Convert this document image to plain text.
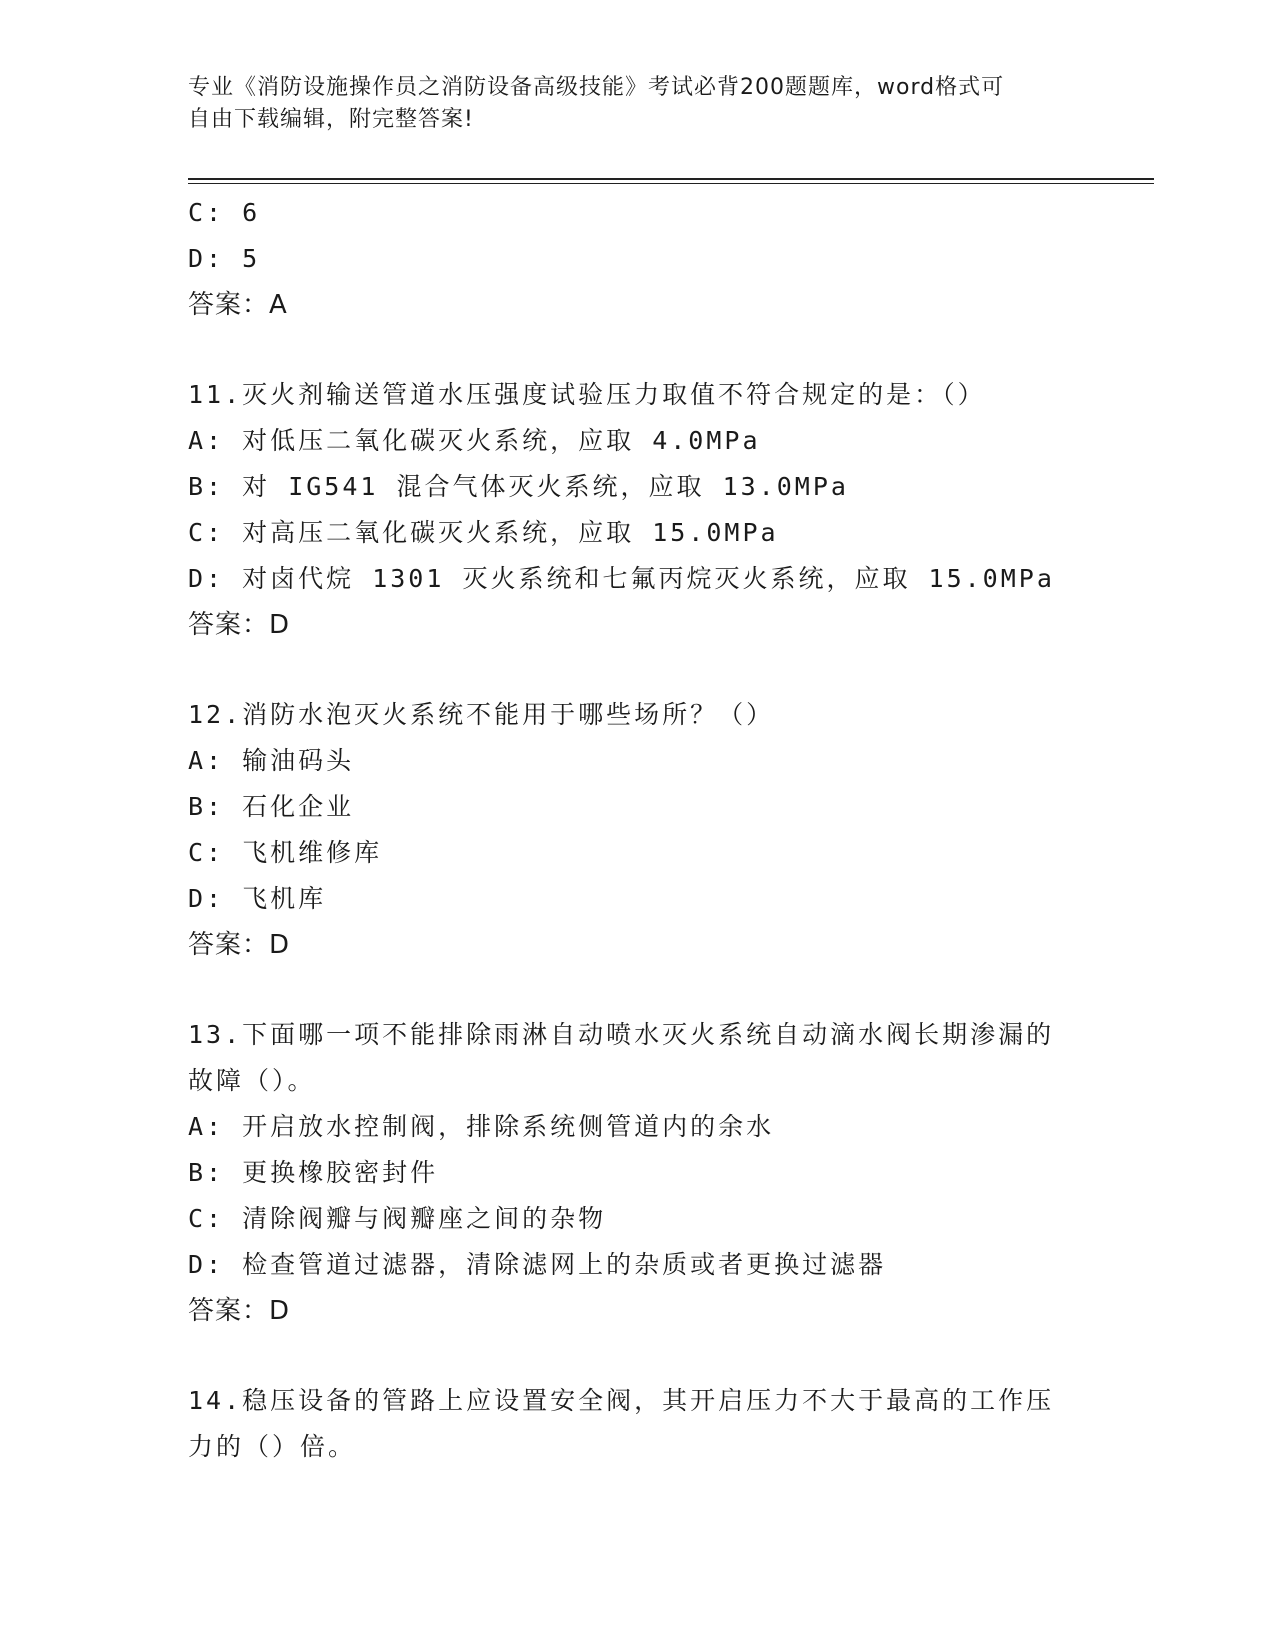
专业《消防设施操作员之消防设备高级技能》考试必背200题题库，word格式可
自由下载编辑，附完整答案!
C: 6
D: 5
答案：A
11.灭火剂输送管道水压强度试验压力取值不符合规定的是：（）
A: 对低压二氧化碳灭火系统，应取 4.0MPa
B: 对 IG541 混合气体灭火系统，应取 13.0MPa
C: 对高压二氧化碳灭火系统，应取 15.0MPa
D: 对卤代烷 1301 灭火系统和七氟丙烷灭火系统，应取 15.0MPa
答案：D
12.消防水泡灭火系统不能用于哪些场所？（）
A: 输油码头
B: 石化企业
C: 飞机维修库
D: 飞机库
答案：D
13.下面哪一项不能排除雨淋自动喷水灭火系统自动滴水阀长期渗漏的
故障（）。
A: 开启放水控制阀，排除系统侧管道内的余水
B: 更换橡胶密封件
C: 清除阀瓣与阀瓣座之间的杂物
D: 检查管道过滤器，清除滤网上的杂质或者更换过滤器
答案：D
14.稳压设备的管路上应设置安全阀，其开启压力不大于最高的工作压
力的（）倍。
